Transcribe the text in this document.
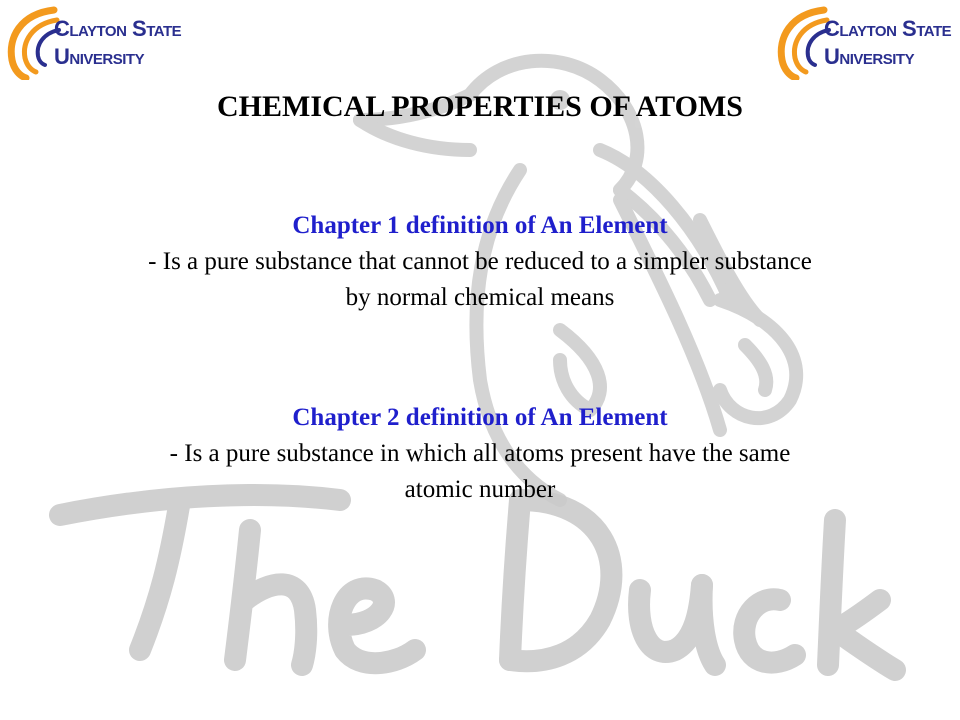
Clayton State
University
Clayton State
University
CHEMICAL PROPERTIES OF ATOMS
Chapter 1 definition of An Element
- Is a pure substance that cannot be reduced to a simpler substance
by normal chemical means
Chapter 2 definition of An Element
- Is a pure substance in which all atoms present have the same
atomic number
